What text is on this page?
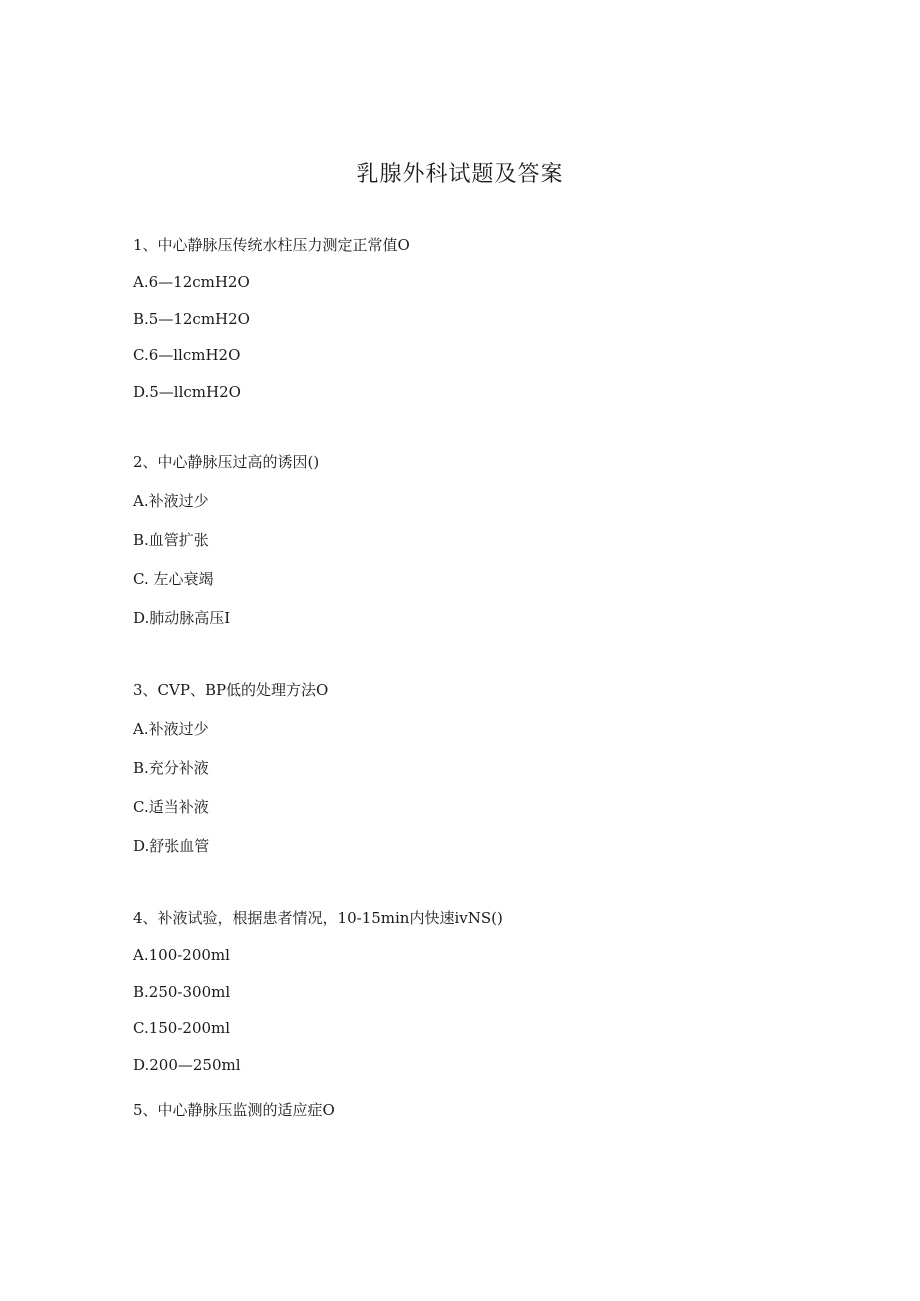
乳腺外科试题及答案
1、中心静脉压传统水柱压力测定正常值O
A.6—12cmH2O
B.5—12cmH2O
C.6—llcmH2O
D.5—llcmH2O
2、中心静脉压过高的诱因()
A.补液过少
B.血管扩张
C. 左心衰竭
D.肺动脉高压I
3、CVP、BP低的处理方法O
A.补液过少
B.充分补液
C.适当补液
D.舒张血管
4、补液试验，根据患者情况，10-15min内快速ivNS()
A.100-200ml
B.250-300ml
C.150-200ml
D.200—250ml
5、中心静脉压监测的适应症O
